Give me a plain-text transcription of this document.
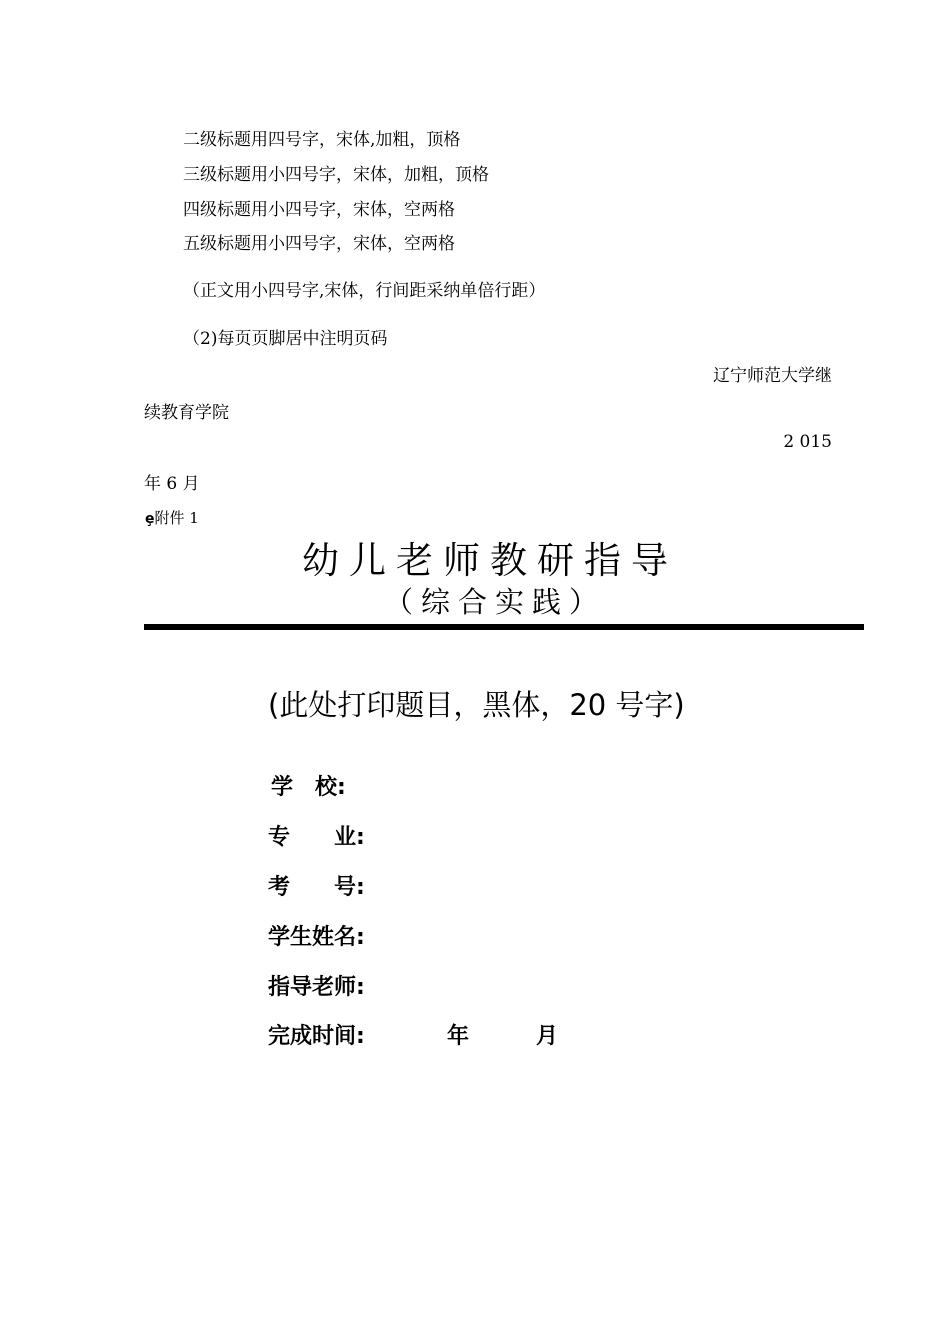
二级标题用四号字，宋体,加粗，顶格
三级标题用小四号字，宋体，加粗，顶格
四级标题用小四号字，宋体，空两格
五级标题用小四号字，宋体，空两格
（正文用小四号字,宋体，行间距采纳单倍行距）
（2)每页页脚居中注明页码
辽宁师范大学继
续教育学院
2 015
年 6 月
ȩ附件 1
幼儿老师教研指导
（综合实践）
(此处打印题目，黑体，20 号字)
学　校:
专　　业:
考　　号:
学生姓名:
指导老师:
完成时间:	年	月
